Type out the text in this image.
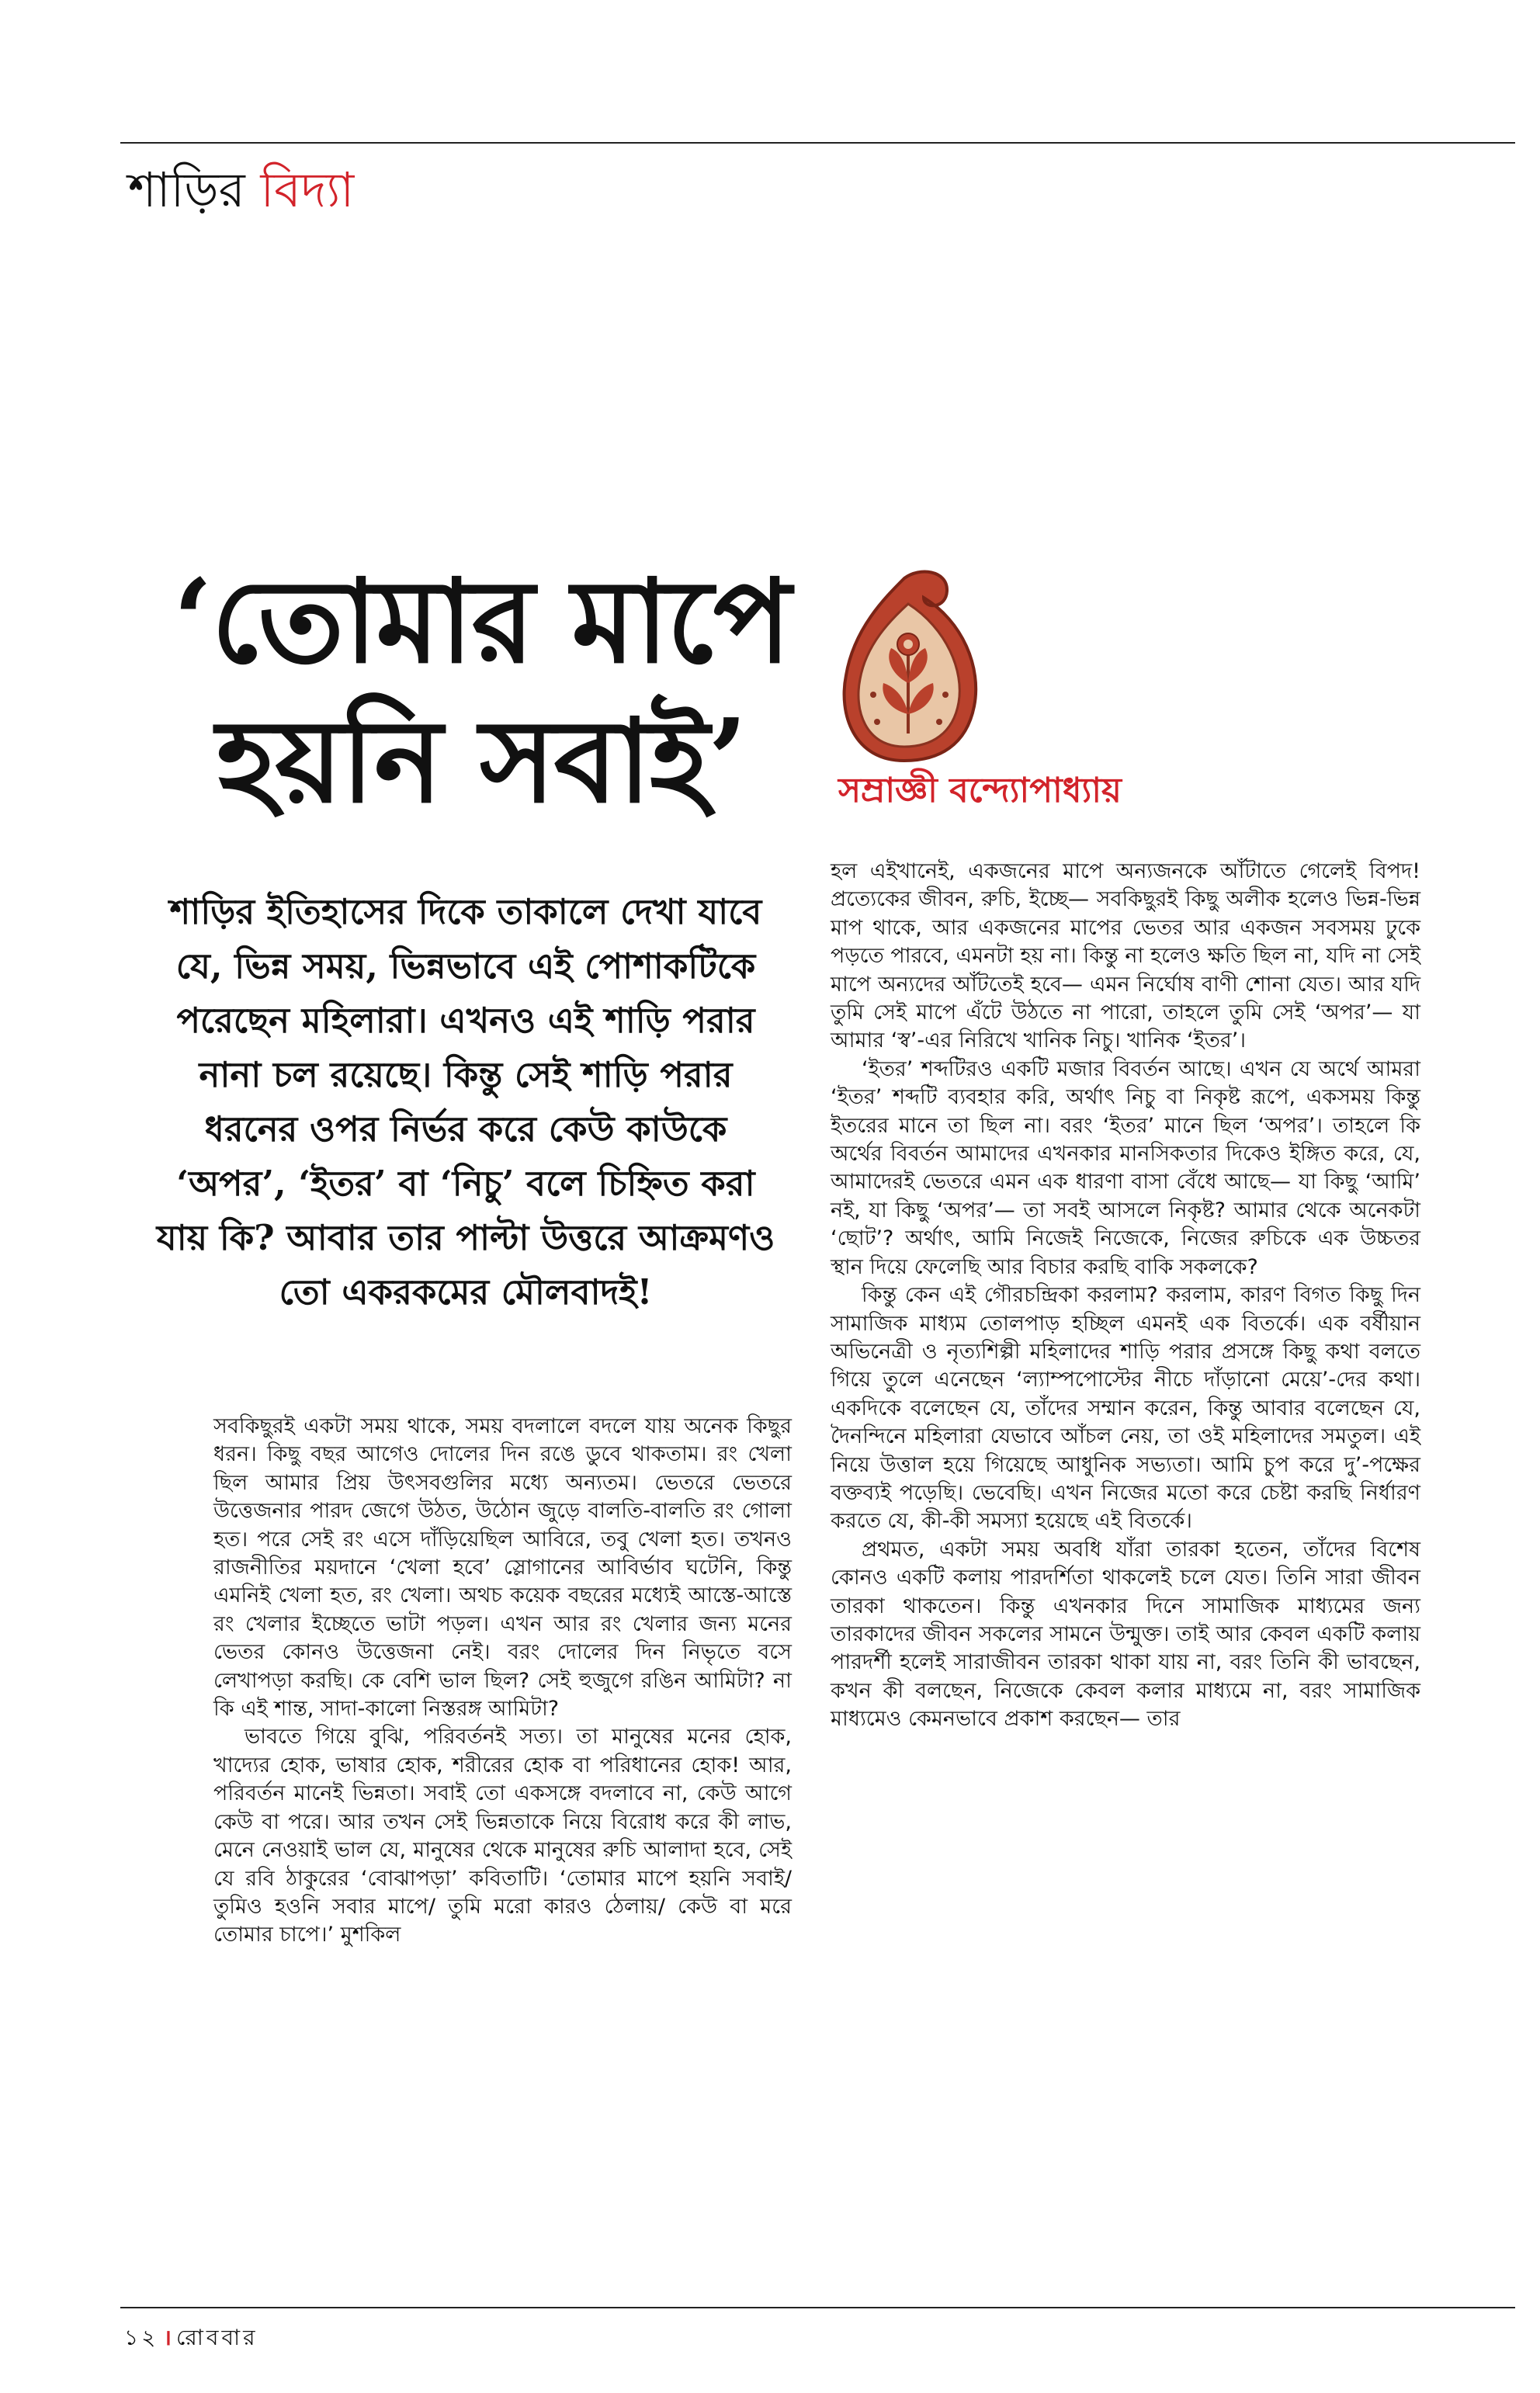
শাড়ির বিদ্যা
‘তোমার মাপে
হয়নি সবাই’	সম্রাজ্ঞী বন্দ্যোপাধ্যায়
শাড়ির ইতিহাসের দিকে তাকালে দেখা যাবে যে, ভিন্ন সময়, ভিন্নভাবে এই পোশাকটিকে পরেছেন মহিলারা। এখনও এই শাড়ি পরার নানা চল রয়েছে। কিন্তু সেই শাড়ি পরার ধরনের ওপর নির্ভর করে কেউ কাউকে ‘অপর’, ‘ইতর’ বা ‘নিচু’ বলে চিহ্নিত করা যায় কি? আবার তার পাল্টা উত্তরে আক্রমণও তো একরকমের মৌলবাদই!

সবকিছুরই একটা সময় থাকে, সময় বদলালে বদলে যায় অনেক কিছুর ধরন। কিছু বছর আগেও দোলের দিন রঙে ডুবে থাকতাম। রং খেলা ছিল আমার প্রিয় উৎসবগুলির মধ্যে অন্যতম। ভেতরে ভেতরে উত্তেজনার পারদ জেগে উঠত, উঠোন জুড়ে বালতি-বালতি রং গোলা হত। পরে সেই রং এসে দাঁড়িয়েছিল আবিরে, তবু খেলা হত। তখনও রাজনীতির ময়দানে ‘খেলা হবে’ স্লোগানের আবির্ভাব ঘটেনি, কিন্তু এমনিই খেলা হত, রং খেলা। অথচ কয়েক বছরের মধ্যেই আস্তে-আস্তে রং খেলার ইচ্ছেতে ভাটা পড়ল। এখন আর রং খেলার জন্য মনের ভেতর কোনও উত্তেজনা নেই। বরং দোলের দিন নিভৃতে বসে লেখাপড়া করছি। কে বেশি ভাল ছিল? সেই হুজুগে রঙিন আমিটা? না কি এই শান্ত, সাদা-কালো নিস্তরঙ্গ আমিটা?

ভাবতে গিয়ে বুঝি, পরিবর্তনই সত্য। তা মানুষের মনের হোক, খাদ্যের হোক, ভাষার হোক, শরীরের হোক বা পরিধানের হোক! আর, পরিবর্তন মানেই ভিন্নতা। সবাই তো একসঙ্গে বদলাবে না, কেউ আগে কেউ বা পরে। আর তখন সেই ভিন্নতাকে নিয়ে বিরোধ করে কী লাভ, মেনে নেওয়াই ভাল যে, মানুষের থেকে মানুষের রুচি আলাদা হবে, সেই যে রবি ঠাকুরের ‘বোঝাপড়া’ কবিতাটি। ‘তোমার মাপে হয়নি সবাই/ তুমিও হওনি সবার মাপে/ তুমি মরো কারও ঠেলায়/ কেউ বা মরে তোমার চাপে।’ মুশকিল

হল এইখানেই, একজনের মাপে অন্যজনকে আঁটাতে গেলেই বিপদ! প্রত্যেকের জীবন, রুচি, ইচ্ছে— সবকিছুরই কিছু অলীক হলেও ভিন্ন-ভিন্ন মাপ থাকে, আর একজনের মাপের ভেতর আর একজন সবসময় ঢুকে পড়তে পারবে, এমনটা হয় না। কিন্তু না হলেও ক্ষতি ছিল না, যদি না সেই মাপে অন্যদের আঁটতেই হবে— এমন নির্ঘোষ বাণী শোনা যেত। আর যদি তুমি সেই মাপে এঁটে উঠতে না পারো, তাহলে তুমি সেই ‘অপর’— যা আমার ‘স্ব’-এর নিরিখে খানিক নিচু। খানিক ‘ইতর’।

‘ইতর’ শব্দটিরও একটি মজার বিবর্তন আছে। এখন যে অর্থে আমরা ‘ইতর’ শব্দটি ব্যবহার করি, অর্থাৎ নিচু বা নিকৃষ্ট রূপে, একসময় কিন্তু ইতরের মানে তা ছিল না। বরং ‘ইতর’ মানে ছিল ‘অপর’। তাহলে কি অর্থের বিবর্তন আমাদের এখনকার মানসিকতার দিকেও ইঙ্গিত করে, যে, আমাদেরই ভেতরে এমন এক ধারণা বাসা বেঁধে আছে— যা কিছু ‘আমি’ নই, যা কিছু ‘অপর’— তা সবই আসলে নিকৃষ্ট? আমার থেকে অনেকটা ‘ছোট’? অর্থাৎ, আমি নিজেই নিজেকে, নিজের রুচিকে এক উচ্চতর স্থান দিয়ে ফেলেছি আর বিচার করছি বাকি সকলকে?

কিন্তু কেন এই গৌরচন্দ্রিকা করলাম? করলাম, কারণ বিগত কিছু দিন সামাজিক মাধ্যম তোলপাড় হচ্ছিল এমনই এক বিতর্কে। এক বর্ষীয়ান অভিনেত্রী ও নৃত্যশিল্পী মহিলাদের শাড়ি পরার প্রসঙ্গে কিছু কথা বলতে গিয়ে তুলে এনেছেন ‘ল্যাম্পপোস্টের নীচে দাঁড়ানো মেয়ে’-দের কথা। একদিকে বলেছেন যে, তাঁদের সম্মান করেন, কিন্তু আবার বলেছেন যে, দৈনন্দিনে মহিলারা যেভাবে আঁচল নেয়, তা ওই মহিলাদের সমতুল। এই নিয়ে উত্তাল হয়ে গিয়েছে আধুনিক সভ্যতা। আমি চুপ করে দু’-পক্ষের বক্তব্যই পড়েছি। ভেবেছি। এখন নিজের মতো করে চেষ্টা করছি নির্ধারণ করতে যে, কী-কী সমস্যা হয়েছে এই বিতর্কে।

প্রথমত, একটা সময় অবধি যাঁরা তারকা হতেন, তাঁদের বিশেষ কোনও একটি কলায় পারদর্শিতা থাকলেই চলে যেত। তিনি সারা জীবন তারকা থাকতেন। কিন্তু এখনকার দিনে সামাজিক মাধ্যমের জন্য তারকাদের জীবন সকলের সামনে উন্মুক্ত। তাই আর কেবল একটি কলায় পারদর্শী হলেই সারাজীবন তারকা থাকা যায় না, বরং তিনি কী ভাবছেন, কখন কী বলছেন, নিজেকে কেবল কলার মাধ্যমে না, বরং সামাজিক মাধ্যমেও কেমনভাবে প্রকাশ করছেন— তার

১২ । রোববার
